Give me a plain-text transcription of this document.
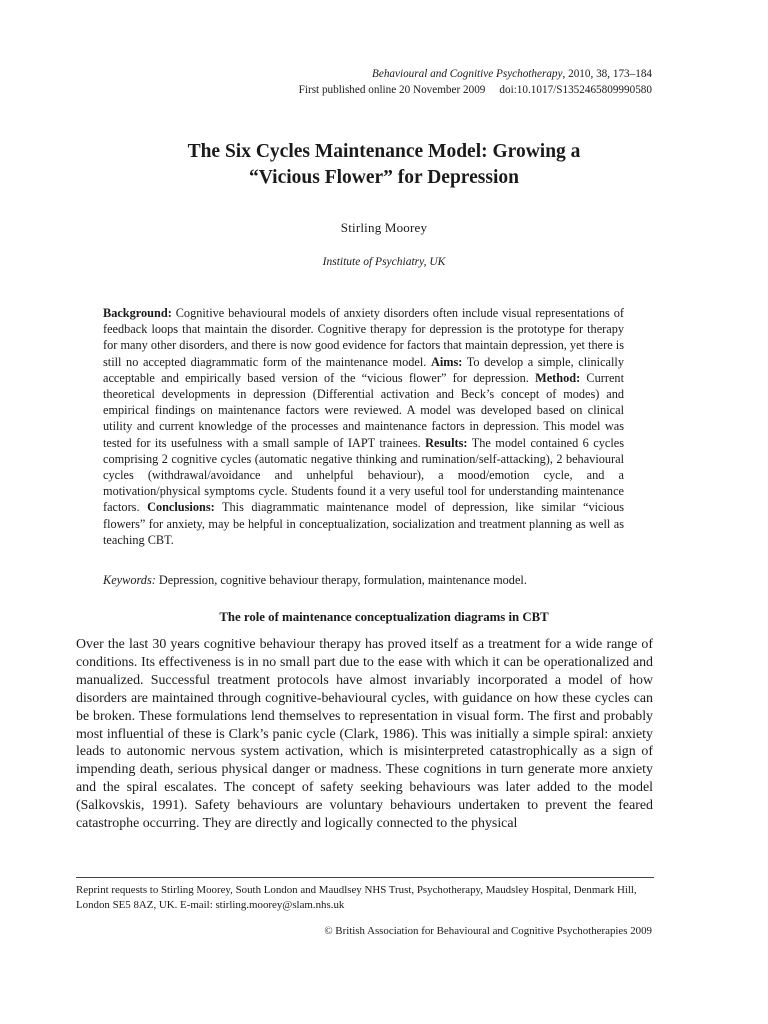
Behavioural and Cognitive Psychotherapy, 2010, 38, 173–184
First published online 20 November 2009 doi:10.1017/S1352465809990580
The Six Cycles Maintenance Model: Growing a
“Vicious Flower” for Depression
Stirling Moorey
Institute of Psychiatry, UK
Background: Cognitive behavioural models of anxiety disorders often include visual representations of feedback loops that maintain the disorder. Cognitive therapy for depression is the prototype for therapy for many other disorders, and there is now good evidence for factors that maintain depression, yet there is still no accepted diagrammatic form of the maintenance model. Aims: To develop a simple, clinically acceptable and empirically based version of the “vicious flower” for depression. Method: Current theoretical developments in depression (Differential activation and Beck’s concept of modes) and empirical findings on maintenance factors were reviewed. A model was developed based on clinical utility and current knowledge of the processes and maintenance factors in depression. This model was tested for its usefulness with a small sample of IAPT trainees. Results: The model contained 6 cycles comprising 2 cognitive cycles (automatic negative thinking and rumination/self-attacking), 2 behavioural cycles (withdrawal/avoidance and unhelpful behaviour), a mood/emotion cycle, and a motivation/physical symptoms cycle. Students found it a very useful tool for understanding maintenance factors. Conclusions: This diagrammatic maintenance model of depression, like similar “vicious flowers” for anxiety, may be helpful in conceptualization, socialization and treatment planning as well as teaching CBT.
Keywords: Depression, cognitive behaviour therapy, formulation, maintenance model.
The role of maintenance conceptualization diagrams in CBT
Over the last 30 years cognitive behaviour therapy has proved itself as a treatment for a wide range of conditions. Its effectiveness is in no small part due to the ease with which it can be operationalized and manualized. Successful treatment protocols have almost invariably incorporated a model of how disorders are maintained through cognitive-behavioural cycles, with guidance on how these cycles can be broken. These formulations lend themselves to representation in visual form. The first and probably most influential of these is Clark’s panic cycle (Clark, 1986). This was initially a simple spiral: anxiety leads to autonomic nervous system activation, which is misinterpreted catastrophically as a sign of impending death, serious physical danger or madness. These cognitions in turn generate more anxiety and the spiral escalates. The concept of safety seeking behaviours was later added to the model (Salkovskis, 1991). Safety behaviours are voluntary behaviours undertaken to prevent the feared catastrophe occurring. They are directly and logically connected to the physical
Reprint requests to Stirling Moorey, South London and Maudlsey NHS Trust, Psychotherapy, Maudsley Hospital, Denmark Hill, London SE5 8AZ, UK. E-mail: stirling.moorey@slam.nhs.uk
© British Association for Behavioural and Cognitive Psychotherapies 2009
